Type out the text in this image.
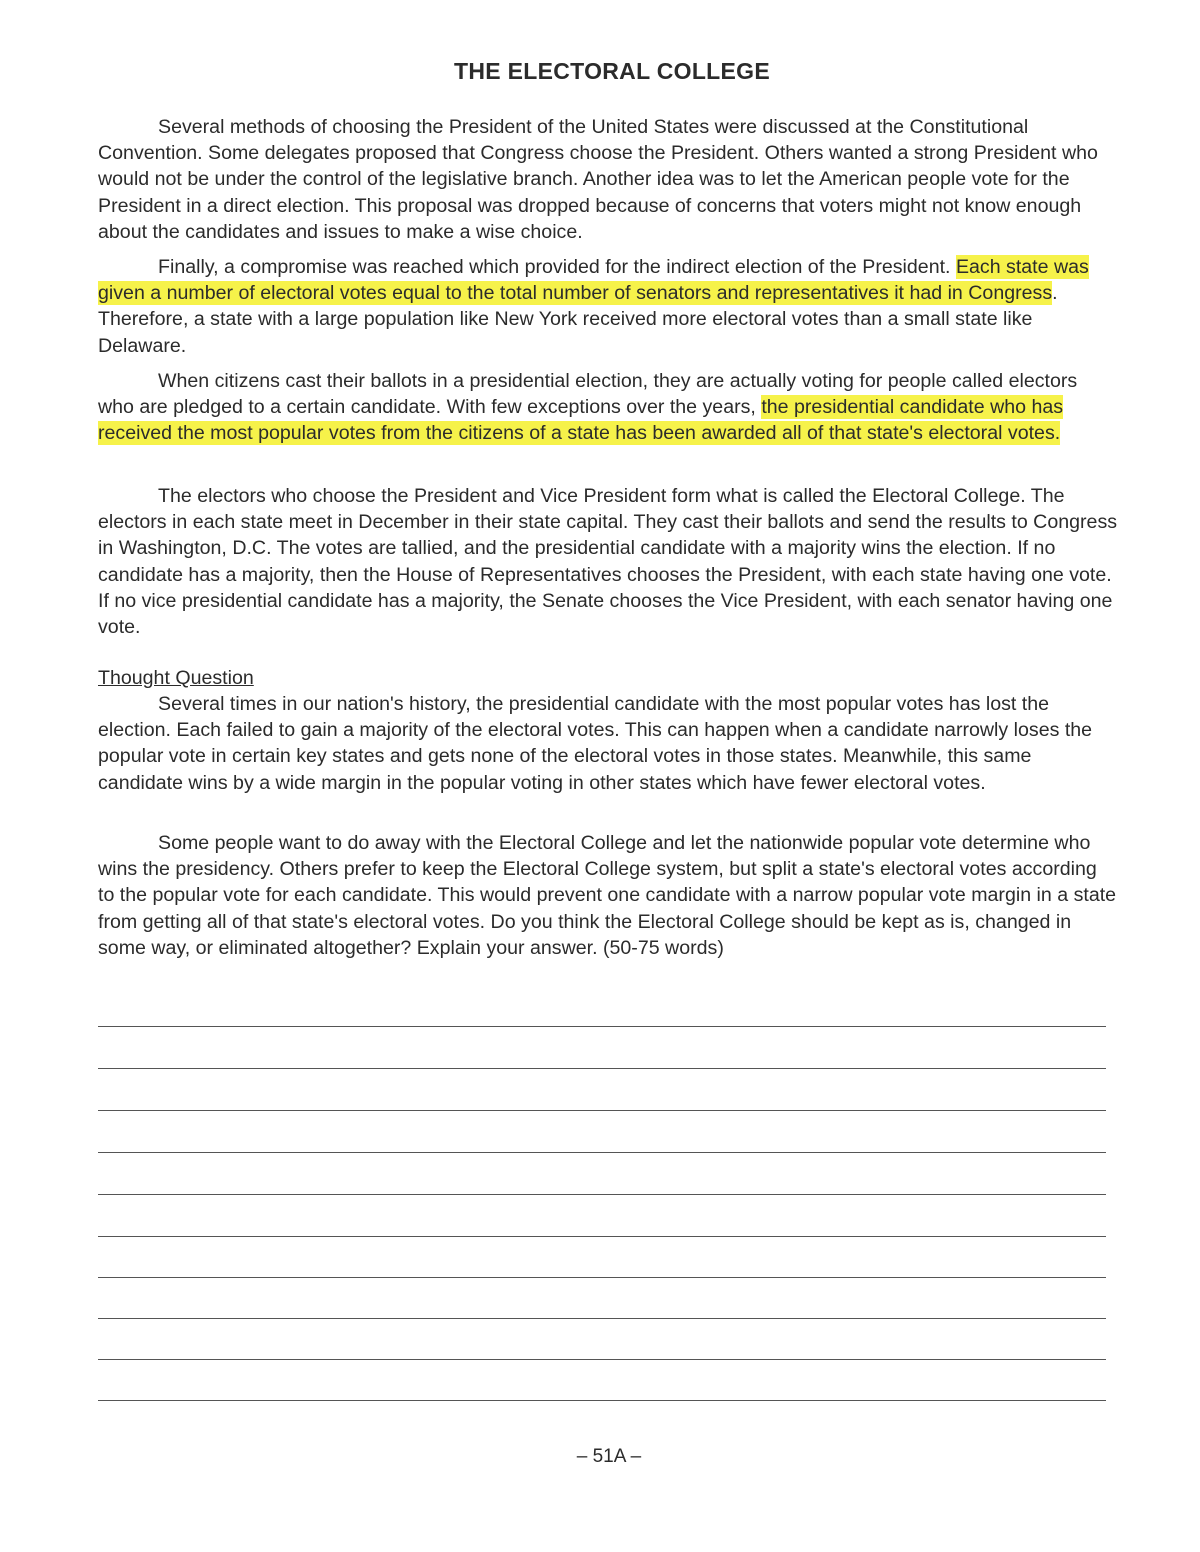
THE ELECTORAL COLLEGE

Several methods of choosing the President of the United States were discussed at the Constitutional Convention. Some delegates proposed that Congress choose the President. Others wanted a strong President who would not be under the control of the legislative branch. Another idea was to let the American people vote for the President in a direct election. This proposal was dropped because of concerns that voters might not know enough about the candidates and issues to make a wise choice.

Finally, a compromise was reached which provided for the indirect election of the President. Each state was given a number of electoral votes equal to the total number of senators and representatives it had in Congress. Therefore, a state with a large population like New York received more electoral votes than a small state like Delaware.

When citizens cast their ballots in a presidential election, they are actually voting for people called electors who are pledged to a certain candidate. With few exceptions over the years, the presidential candidate who has received the most popular votes from the citizens of a state has been awarded all of that state's electoral votes.

The electors who choose the President and Vice President form what is called the Electoral College. The electors in each state meet in December in their state capital. They cast their ballots and send the results to Congress in Washington, D.C. The votes are tallied, and the presidential candidate with a majority wins the election. If no candidate has a majority, then the House of Representatives chooses the President, with each state having one vote. If no vice presidential candidate has a majority, the Senate chooses the Vice President, with each senator having one vote.

Thought Question

Several times in our nation's history, the presidential candidate with the most popular votes has lost the election. Each failed to gain a majority of the electoral votes. This can happen when a candidate narrowly loses the popular vote in certain key states and gets none of the electoral votes in those states. Meanwhile, this same candidate wins by a wide margin in the popular voting in other states which have fewer electoral votes.

Some people want to do away with the Electoral College and let the nationwide popular vote determine who wins the presidency. Others prefer to keep the Electoral College system, but split a state's electoral votes according to the popular vote for each candidate. This would prevent one candidate with a narrow popular vote margin in a state from getting all of that state's electoral votes. Do you think the Electoral College should be kept as is, changed in some way, or eliminated altogether? Explain your answer. (50-75 words)

– 51A –
